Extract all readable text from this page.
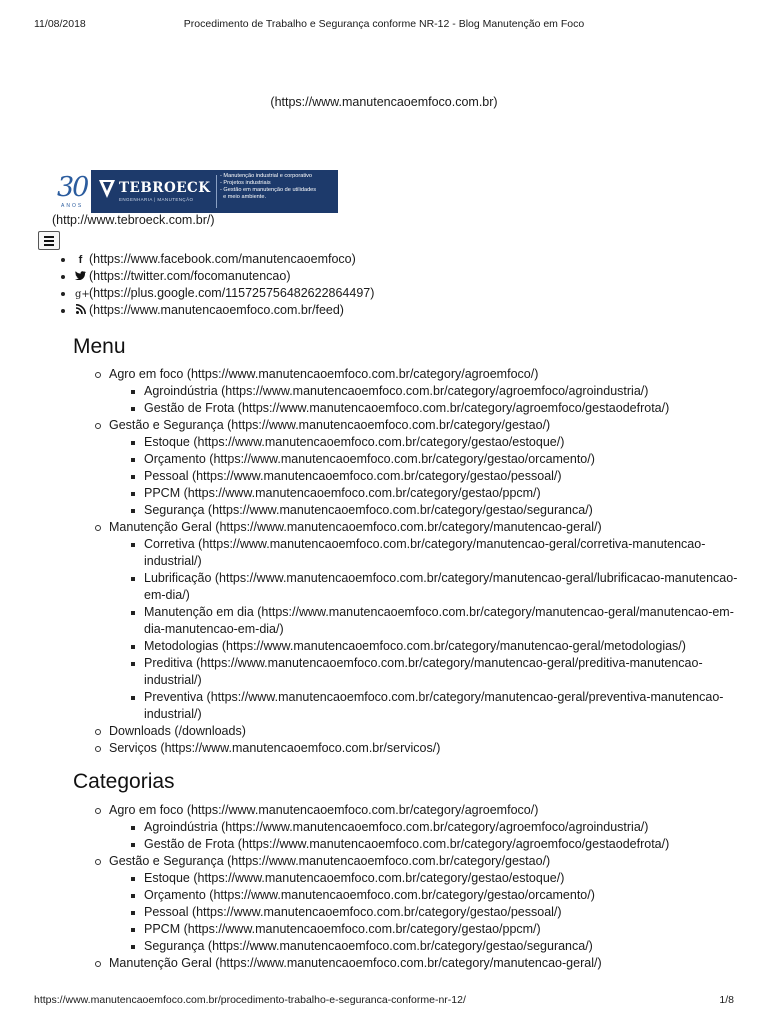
11/08/2018	Procedimento de Trabalho e Segurança conforme NR-12 - Blog Manutenção em Foco
(https://www.manutencaoemfoco.com.br)
30
ANOS
TEBROECK
ENGENHARIA | MANUTENÇÃO
- Manutenção industrial e corporativo
- Projetos industriais
- Gestão em manutenção de utilidades
e meio ambiente.
(http://www.tebroeck.com.br/)
f (https://www.facebook.com/manutencaoemfoco)
(https://twitter.com/focomanutencao)
g+(https://plus.google.com/115725756482622864497)
(https://www.manutencaoemfoco.com.br/feed)
Menu
Agro em foco (https://www.manutencaoemfoco.com.br/category/agroemfoco/)
Agroindústria (https://www.manutencaoemfoco.com.br/category/agroemfoco/agroindustria/)
Gestão de Frota (https://www.manutencaoemfoco.com.br/category/agroemfoco/gestaodefrota/)
Gestão e Segurança (https://www.manutencaoemfoco.com.br/category/gestao/)
Estoque (https://www.manutencaoemfoco.com.br/category/gestao/estoque/)
Orçamento (https://www.manutencaoemfoco.com.br/category/gestao/orcamento/)
Pessoal (https://www.manutencaoemfoco.com.br/category/gestao/pessoal/)
PPCM (https://www.manutencaoemfoco.com.br/category/gestao/ppcm/)
Segurança (https://www.manutencaoemfoco.com.br/category/gestao/seguranca/)
Manutenção Geral (https://www.manutencaoemfoco.com.br/category/manutencao-geral/)
Corretiva (https://www.manutencaoemfoco.com.br/category/manutencao-geral/corretiva-manutencao-industrial/)
Lubrificação (https://www.manutencaoemfoco.com.br/category/manutencao-geral/lubrificacao-manutencao-em-dia/)
Manutenção em dia (https://www.manutencaoemfoco.com.br/category/manutencao-geral/manutencao-em-dia-manutencao-em-dia/)
Metodologias (https://www.manutencaoemfoco.com.br/category/manutencao-geral/metodologias/)
Preditiva (https://www.manutencaoemfoco.com.br/category/manutencao-geral/preditiva-manutencao-industrial/)
Preventiva (https://www.manutencaoemfoco.com.br/category/manutencao-geral/preventiva-manutencao-industrial/)
Downloads (/downloads)
Serviços (https://www.manutencaoemfoco.com.br/servicos/)
Categorias
Agro em foco (https://www.manutencaoemfoco.com.br/category/agroemfoco/)
Agroindústria (https://www.manutencaoemfoco.com.br/category/agroemfoco/agroindustria/)
Gestão de Frota (https://www.manutencaoemfoco.com.br/category/agroemfoco/gestaodefrota/)
Gestão e Segurança (https://www.manutencaoemfoco.com.br/category/gestao/)
Estoque (https://www.manutencaoemfoco.com.br/category/gestao/estoque/)
Orçamento (https://www.manutencaoemfoco.com.br/category/gestao/orcamento/)
Pessoal (https://www.manutencaoemfoco.com.br/category/gestao/pessoal/)
PPCM (https://www.manutencaoemfoco.com.br/category/gestao/ppcm/)
Segurança (https://www.manutencaoemfoco.com.br/category/gestao/seguranca/)
Manutenção Geral (https://www.manutencaoemfoco.com.br/category/manutencao-geral/)
https://www.manutencaoemfoco.com.br/procedimento-trabalho-e-seguranca-conforme-nr-12/	1/8
